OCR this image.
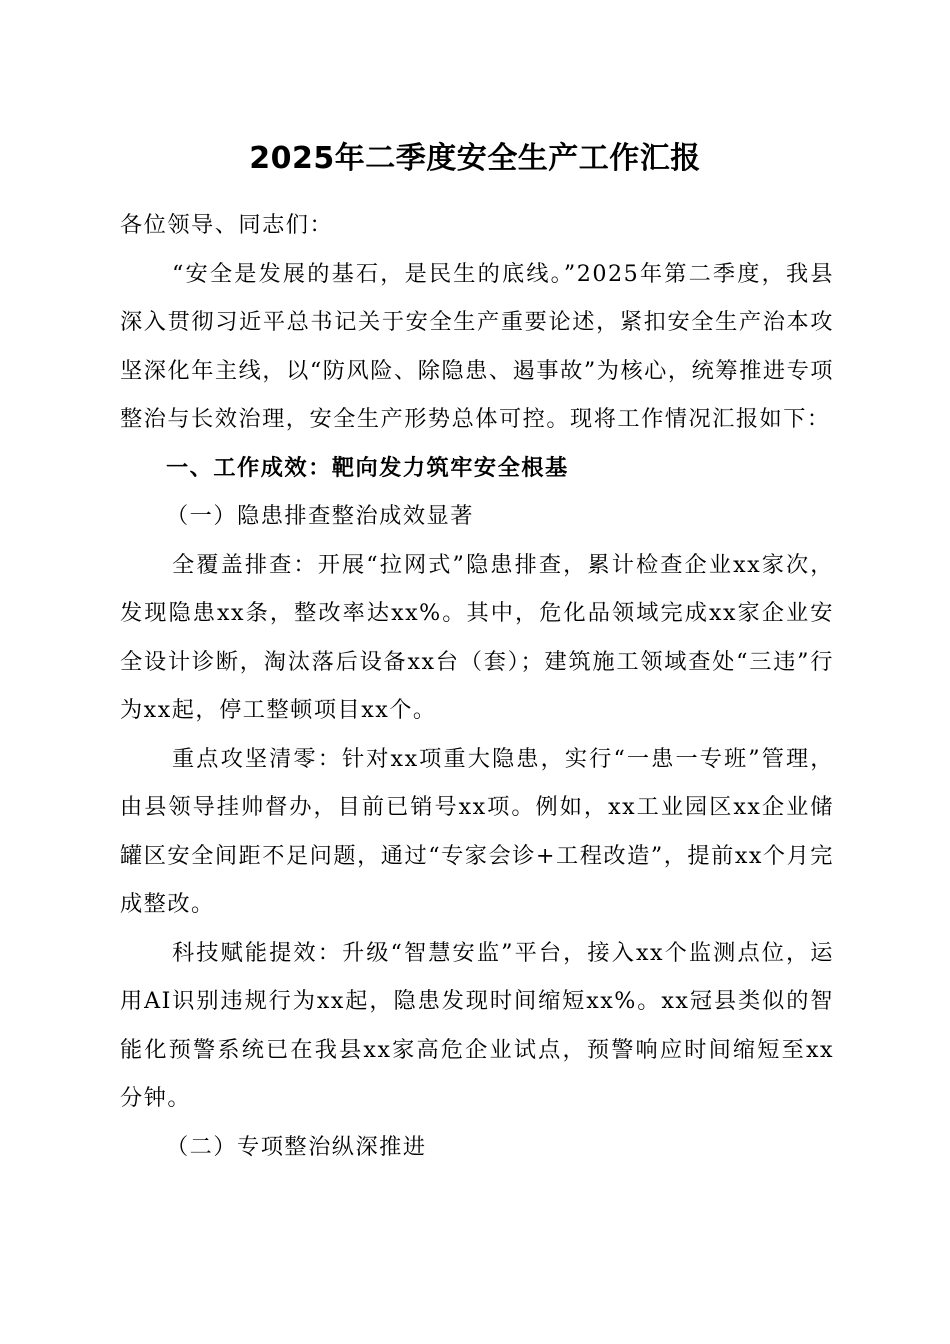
2025年二季度安全生产工作汇报

各位领导、同志们：

“安全是发展的基石，是民生的底线。”2025年第二季度，我县深入贯彻习近平总书记关于安全生产重要论述，紧扣安全生产治本攻坚深化年主线，以“防风险、除隐患、遏事故”为核心，统筹推进专项整治与长效治理，安全生产形势总体可控。现将工作情况汇报如下：

一、工作成效：靶向发力筑牢安全根基

（一）隐患排查整治成效显著

全覆盖排查：开展“拉网式”隐患排查，累计检查企业xx家次，发现隐患xx条，整改率达xx%。其中，危化品领域完成xx家企业安全设计诊断，淘汰落后设备xx台（套）；建筑施工领域查处“三违”行为xx起，停工整顿项目xx个。

重点攻坚清零：针对xx项重大隐患，实行“一患一专班”管理，由县领导挂帅督办，目前已销号xx项。例如，xx工业园区xx企业储罐区安全间距不足问题，通过“专家会诊+工程改造”，提前xx个月完成整改。

科技赋能提效：升级“智慧安监”平台，接入xx个监测点位，运用AI识别违规行为xx起，隐患发现时间缩短xx%。xx冠县类似的智能化预警系统已在我县xx家高危企业试点，预警响应时间缩短至xx分钟。

（二）专项整治纵深推进
